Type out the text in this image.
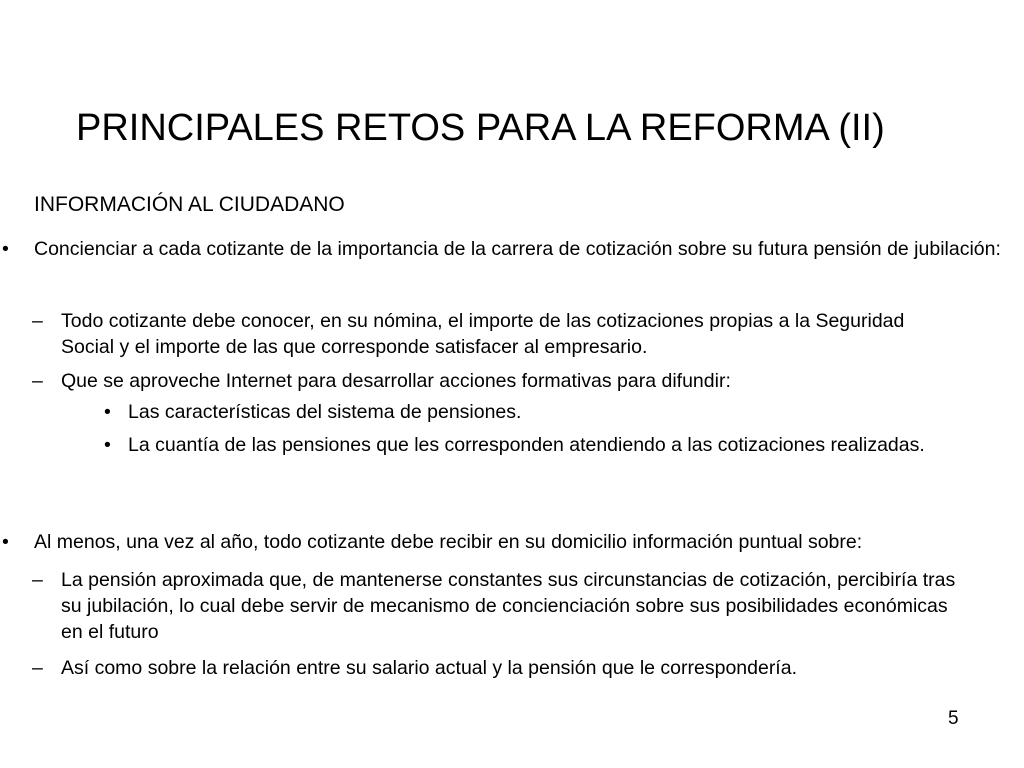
PRINCIPALES RETOS PARA LA REFORMA (II)
INFORMACIÓN AL CIUDADANO
• Concienciar a cada cotizante de la importancia de la carrera de cotización sobre su futura pensión de jubilación:
– Todo cotizante debe conocer, en su nómina, el importe de las cotizaciones propias a la Seguridad Social y el importe de las que corresponde satisfacer al empresario.
– Que se aproveche Internet para desarrollar acciones formativas para difundir:
• Las características del sistema de pensiones.
• La cuantía de las pensiones que les corresponden atendiendo a las cotizaciones realizadas.
• Al menos, una vez al año, todo cotizante debe recibir en su domicilio información puntual sobre:
– La pensión aproximada que, de mantenerse constantes sus circunstancias de cotización, percibiría tras su jubilación, lo cual debe servir de mecanismo de concienciación sobre sus posibilidades económicas en el futuro
– Así como sobre la relación entre su salario actual y la pensión que le correspondería.
5
